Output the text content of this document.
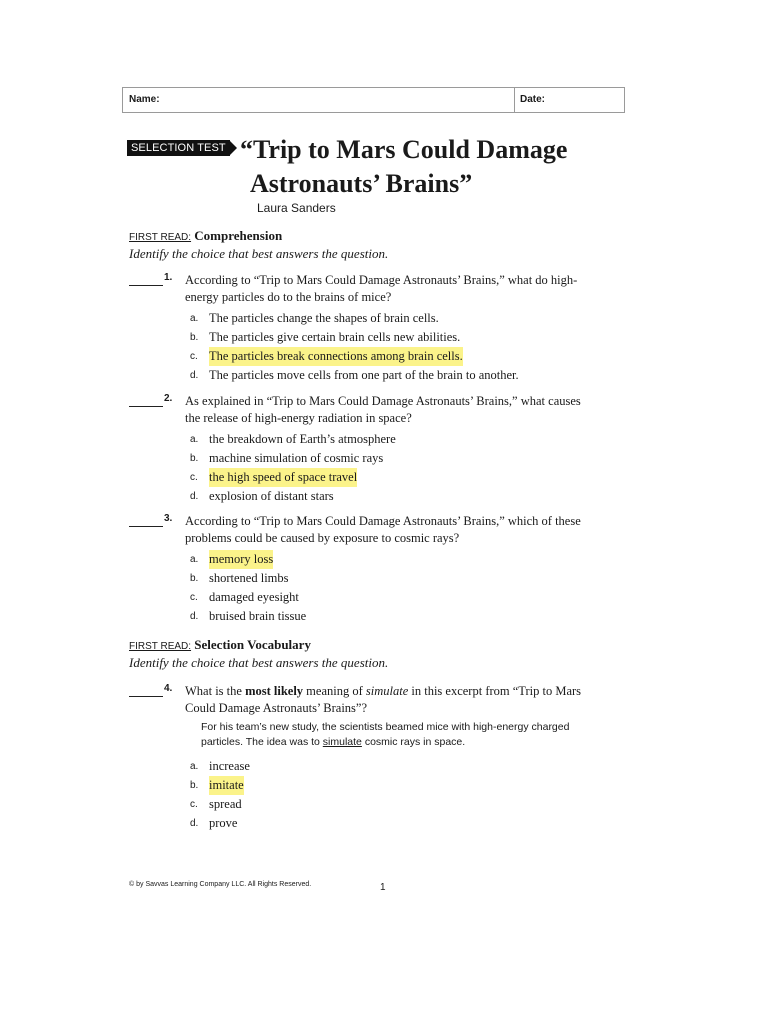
Name:	Date:
SELECTION TEST “Trip to Mars Could Damage
Astronauts’ Brains”
Laura Sanders
FIRST READ: Comprehension
Identify the choice that best answers the question.
1. According to “Trip to Mars Could Damage Astronauts’ Brains,” what do high-
energy particles do to the brains of mice?
a. The particles change the shapes of brain cells.
b. The particles give certain brain cells new abilities.
c. The particles break connections among brain cells.
d. The particles move cells from one part of the brain to another.
2. As explained in “Trip to Mars Could Damage Astronauts’ Brains,” what causes
the release of high-energy radiation in space?
a. the breakdown of Earth’s atmosphere
b. machine simulation of cosmic rays
c. the high speed of space travel
d. explosion of distant stars
3. According to “Trip to Mars Could Damage Astronauts’ Brains,” which of these
problems could be caused by exposure to cosmic rays?
a. memory loss
b. shortened limbs
c. damaged eyesight
d. bruised brain tissue
FIRST READ: Selection Vocabulary
Identify the choice that best answers the question.
4. What is the most likely meaning of simulate in this excerpt from “Trip to Mars
Could Damage Astronauts’ Brains”?
For his team’s new study, the scientists beamed mice with high-energy charged
particles. The idea was to simulate cosmic rays in space.
a. increase
b. imitate
c. spread
d. prove
© by Savvas Learning Company LLC. All Rights Reserved.	1
